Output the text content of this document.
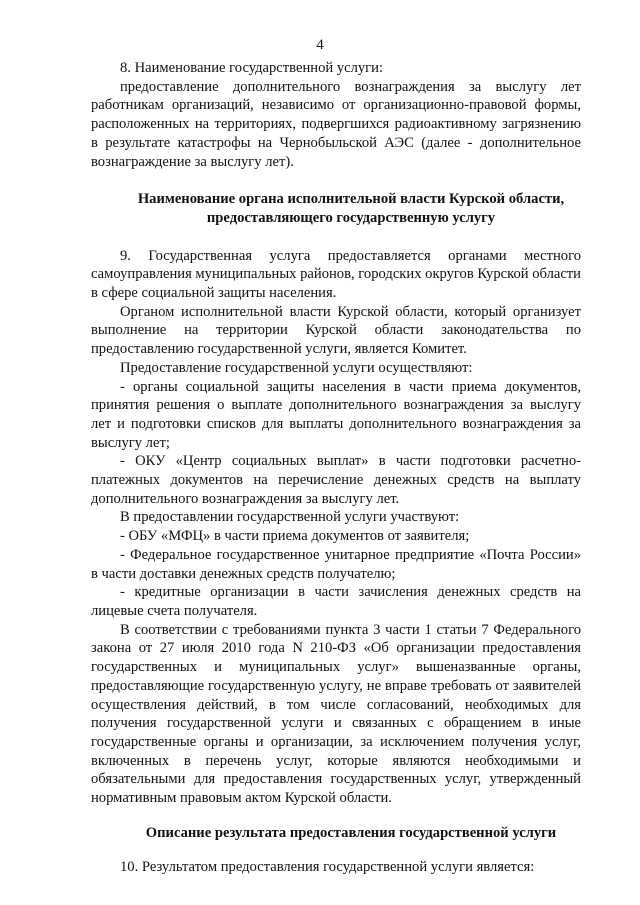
4

8. Наименование государственной услуги:

предоставление дополнительного вознаграждения за выслугу лет работникам организаций, независимо от организационно-правовой формы, расположенных на территориях, подвергшихся радиоактивному загрязнению в результате катастрофы на Чернобыльской АЭС (далее - дополнительное вознаграждение за выслугу лет).

Наименование органа исполнительной власти Курской области,
предоставляющего государственную услугу

9. Государственная услуга предоставляется органами местного самоуправления муниципальных районов, городских округов Курской области в сфере социальной защиты населения.

Органом исполнительной власти Курской области, который организует выполнение на территории Курской области законодательства по предоставлению государственной услуги, является Комитет.

Предоставление государственной услуги осуществляют:

- органы социальной защиты населения в части приема документов, принятия решения о выплате дополнительного вознаграждения за выслугу лет и подготовки списков для выплаты дополнительного вознаграждения за выслугу лет;

- ОКУ «Центр социальных выплат» в части подготовки расчетно-платежных документов на перечисление денежных средств на выплату дополнительного вознаграждения за выслугу лет.

В предоставлении государственной услуги участвуют:

- ОБУ «МФЦ» в части приема документов от заявителя;

- Федеральное государственное унитарное предприятие «Почта России» в части доставки денежных средств получателю;

- кредитные организации в части зачисления денежных средств на лицевые счета получателя.

В соответствии с требованиями пункта 3 части 1 статьи 7 Федерального закона от 27 июля 2010 года N 210-ФЗ «Об организации предоставления государственных и муниципальных услуг» вышеназванные органы, предоставляющие государственную услугу, не вправе требовать от заявителей осуществления действий, в том числе согласований, необходимых для получения государственной услуги и связанных с обращением в иные государственные органы и организации, за исключением получения услуг, включенных в перечень услуг, которые являются необходимыми и обязательными для предоставления государственных услуг, утвержденный нормативным правовым актом Курской области.

Описание результата предоставления государственной услуги

10. Результатом предоставления государственной услуги является:
